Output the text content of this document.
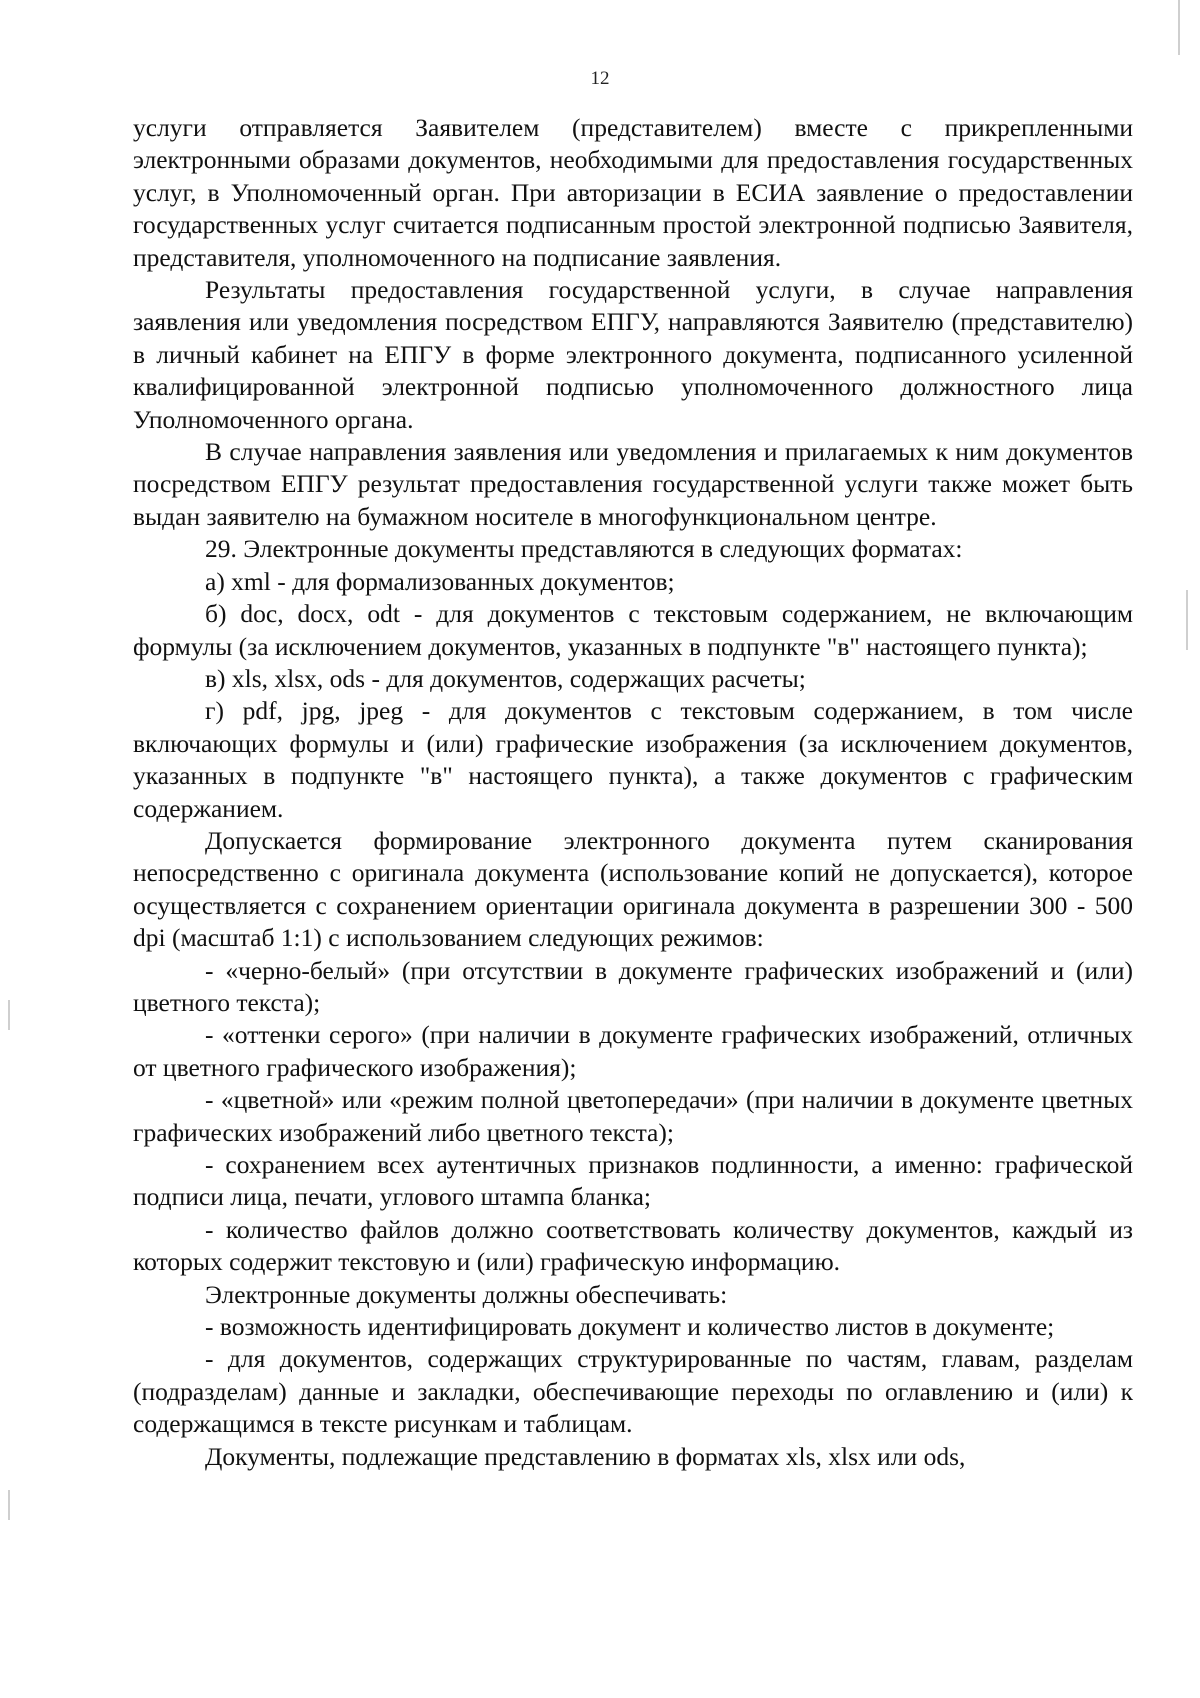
12

услуги отправляется Заявителем (представителем) вместе с прикрепленными электронными образами документов, необходимыми для предоставления государственных услуг, в Уполномоченный орган. При авторизации в ЕСИА заявление о предоставлении государственных услуг считается подписанным простой электронной подписью Заявителя, представителя, уполномоченного на подписание заявления.

Результаты предоставления государственной услуги, в случае направления заявления или уведомления посредством ЕПГУ, направляются Заявителю (представителю) в личный кабинет на ЕПГУ в форме электронного документа, подписанного усиленной квалифицированной электронной подписью уполномоченного должностного лица Уполномоченного органа.

В случае направления заявления или уведомления и прилагаемых к ним документов посредством ЕПГУ результат предоставления государственной услуги также может быть выдан заявителю на бумажном носителе в многофункциональном центре.

29. Электронные документы представляются в следующих форматах:

а) xml - для формализованных документов;

б) doc, docx, odt - для документов с текстовым содержанием, не включающим формулы (за исключением документов, указанных в подпункте "в" настоящего пункта);

в) xls, xlsx, ods - для документов, содержащих расчеты;

г) pdf, jpg, jpeg - для документов с текстовым содержанием, в том числе включающих формулы и (или) графические изображения (за исключением документов, указанных в подпункте "в" настоящего пункта), а также документов с графическим содержанием.

Допускается формирование электронного документа путем сканирования непосредственно с оригинала документа (использование копий не допускается), которое осуществляется с сохранением ориентации оригинала документа в разрешении 300 - 500 dpi (масштаб 1:1) с использованием следующих режимов:

- «черно-белый» (при отсутствии в документе графических изображений и (или) цветного текста);

- «оттенки серого» (при наличии в документе графических изображений, отличных от цветного графического изображения);

- «цветной» или «режим полной цветопередачи» (при наличии в документе цветных графических изображений либо цветного текста);

- сохранением всех аутентичных признаков подлинности, а именно: графической подписи лица, печати, углового штампа бланка;

- количество файлов должно соответствовать количеству документов, каждый из которых содержит текстовую и (или) графическую информацию.

Электронные документы должны обеспечивать:

- возможность идентифицировать документ и количество листов в документе;

- для документов, содержащих структурированные по частям, главам, разделам (подразделам) данные и закладки, обеспечивающие переходы по оглавлению и (или) к содержащимся в тексте рисункам и таблицам.

Документы, подлежащие представлению в форматах xls, xlsx или ods,
